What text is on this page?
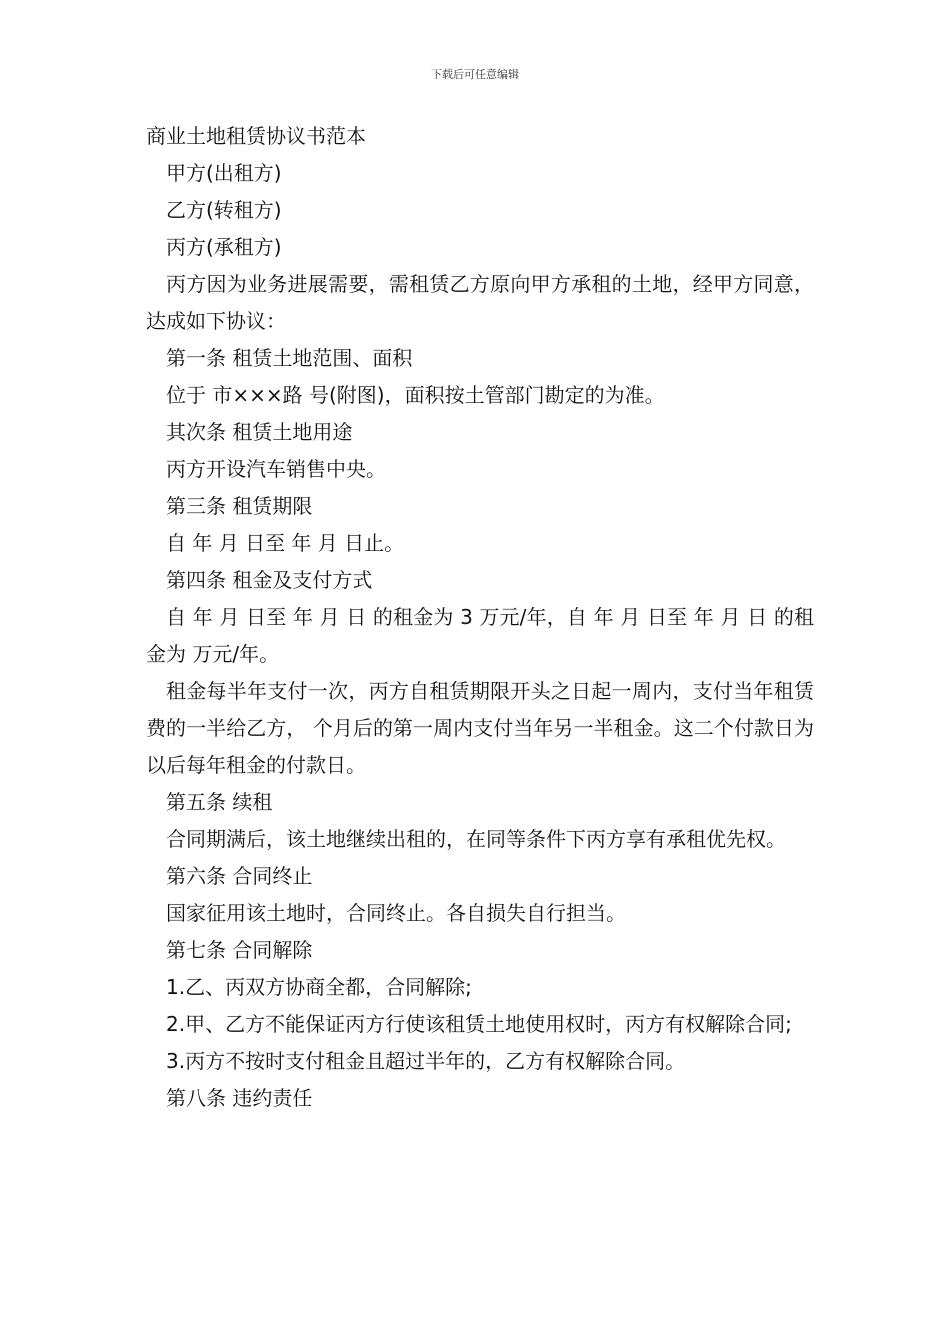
下载后可任意编辑
商业土地租赁协议书范本

甲方(出租方)

乙方(转租方)

丙方(承租方)

丙方因为业务进展需要，需租赁乙方原向甲方承租的土地，经甲方同意，达成如下协议：

第一条 租赁土地范围、面积

位于 市×××路 号(附图)，面积按土管部门勘定的为准。

其次条 租赁土地用途

丙方开设汽车销售中央。

第三条 租赁期限

自 年 月 日至 年 月 日止。

第四条 租金及支付方式

自 年 月 日至 年 月 日 的租金为 3 万元/年，自 年 月 日至 年 月 日 的租金为 万元/年。

租金每半年支付一次，丙方自租赁期限开头之日起一周内，支付当年租赁费的一半给乙方， 个月后的第一周内支付当年另一半租金。这二个付款日为以后每年租金的付款日。

第五条 续租

合同期满后，该土地继续出租的，在同等条件下丙方享有承租优先权。

第六条 合同终止

国家征用该土地时，合同终止。各自损失自行担当。

第七条 合同解除

1.乙、丙双方协商全都，合同解除;

2.甲、乙方不能保证丙方行使该租赁土地使用权时，丙方有权解除合同;

3.丙方不按时支付租金且超过半年的，乙方有权解除合同。

第八条 违约责任
